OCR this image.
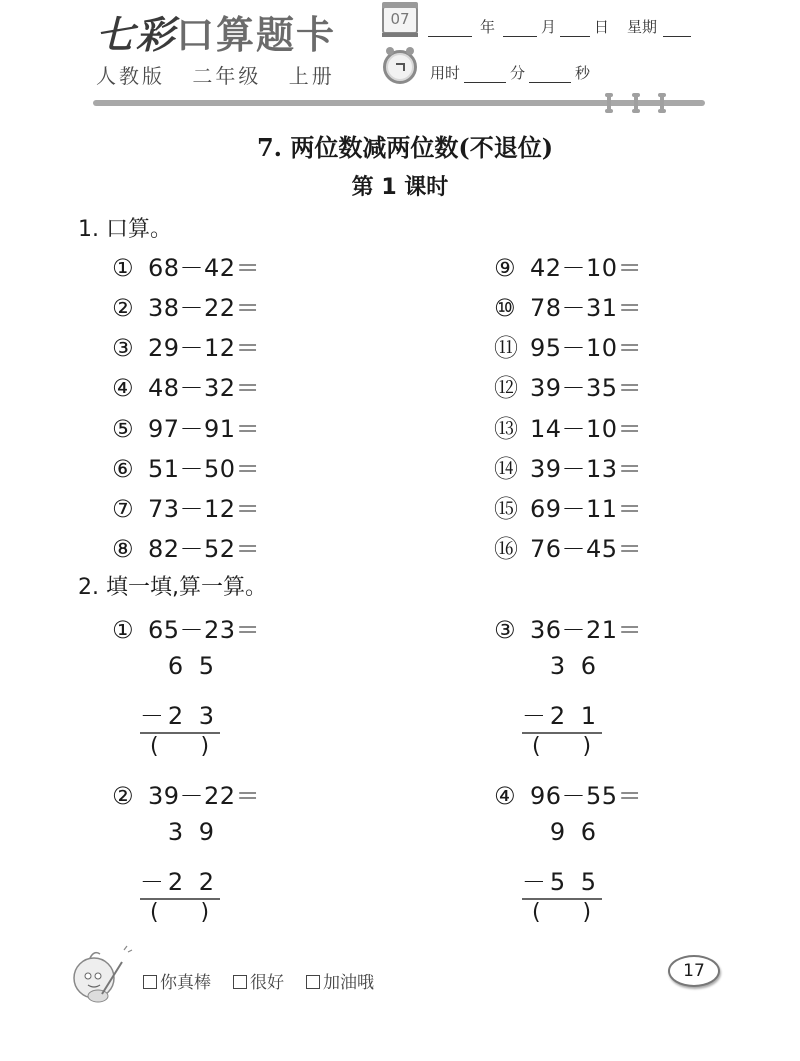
七彩口算题卡
人教版 二年级 上册
07	年	月	日 星期
用时	分	秒
7. 两位数减两位数(不退位)
第 1 课时
1. 口算。
① 68－42＝
② 38－22＝
③ 29－12＝
④ 48－32＝
⑤ 97－91＝
⑥ 51－50＝
⑦ 73－12＝
⑧ 82－52＝
⑨ 42－10＝
⑩ 78－31＝
⑪ 95－10＝
⑫ 39－35＝
⑬ 14－10＝
⑭ 39－13＝
⑮ 69－11＝
⑯ 76－45＝
2. 填一填,算一算。
① 65－23＝
6 5
－2 3
(      )
② 39－22＝
3 9
－2 2
(      )
③ 36－21＝
3 6
－2 1
(      )
④ 96－55＝
9 6
－5 5
(      )
你真棒	很好	加油哦
17
